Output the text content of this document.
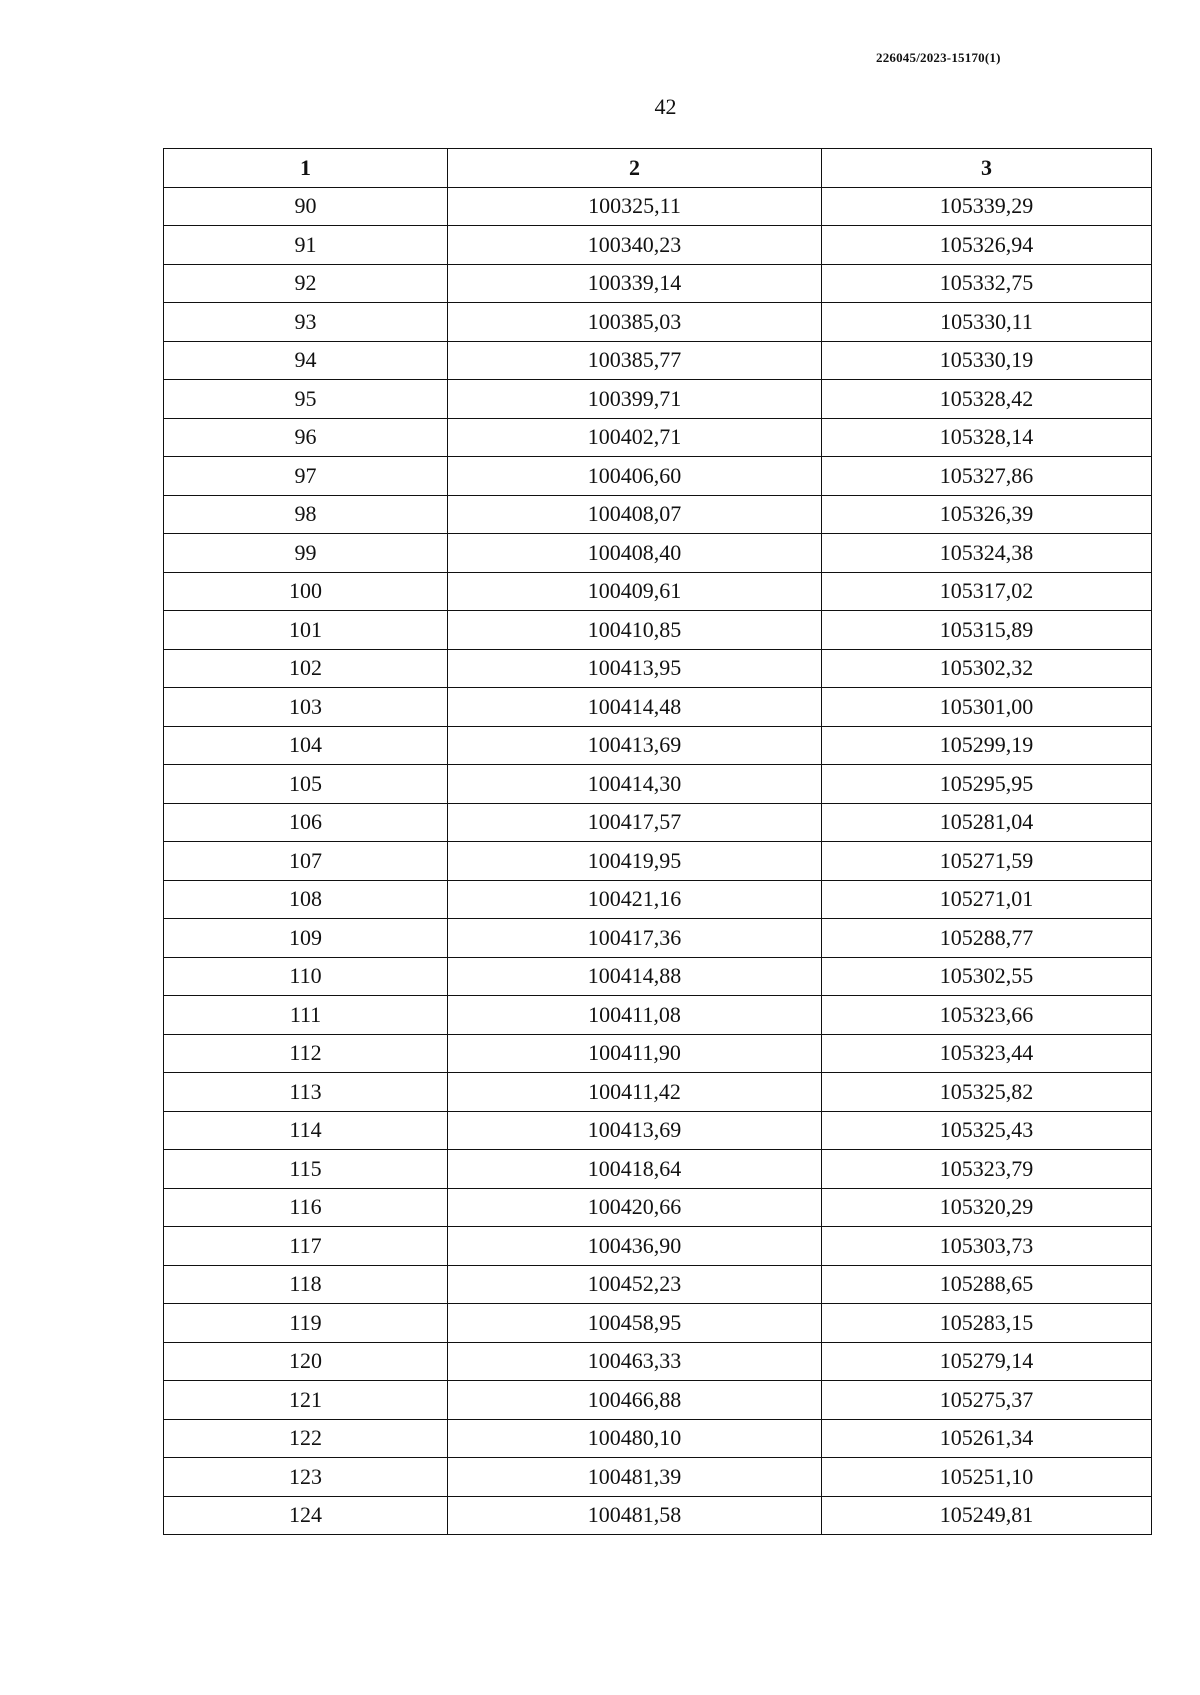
226045/2023-15170(1)
42
1	2	3
90	100325,11	105339,29
91	100340,23	105326,94
92	100339,14	105332,75
93	100385,03	105330,11
94	100385,77	105330,19
95	100399,71	105328,42
96	100402,71	105328,14
97	100406,60	105327,86
98	100408,07	105326,39
99	100408,40	105324,38
100	100409,61	105317,02
101	100410,85	105315,89
102	100413,95	105302,32
103	100414,48	105301,00
104	100413,69	105299,19
105	100414,30	105295,95
106	100417,57	105281,04
107	100419,95	105271,59
108	100421,16	105271,01
109	100417,36	105288,77
110	100414,88	105302,55
111	100411,08	105323,66
112	100411,90	105323,44
113	100411,42	105325,82
114	100413,69	105325,43
115	100418,64	105323,79
116	100420,66	105320,29
117	100436,90	105303,73
118	100452,23	105288,65
119	100458,95	105283,15
120	100463,33	105279,14
121	100466,88	105275,37
122	100480,10	105261,34
123	100481,39	105251,10
124	100481,58	105249,81
